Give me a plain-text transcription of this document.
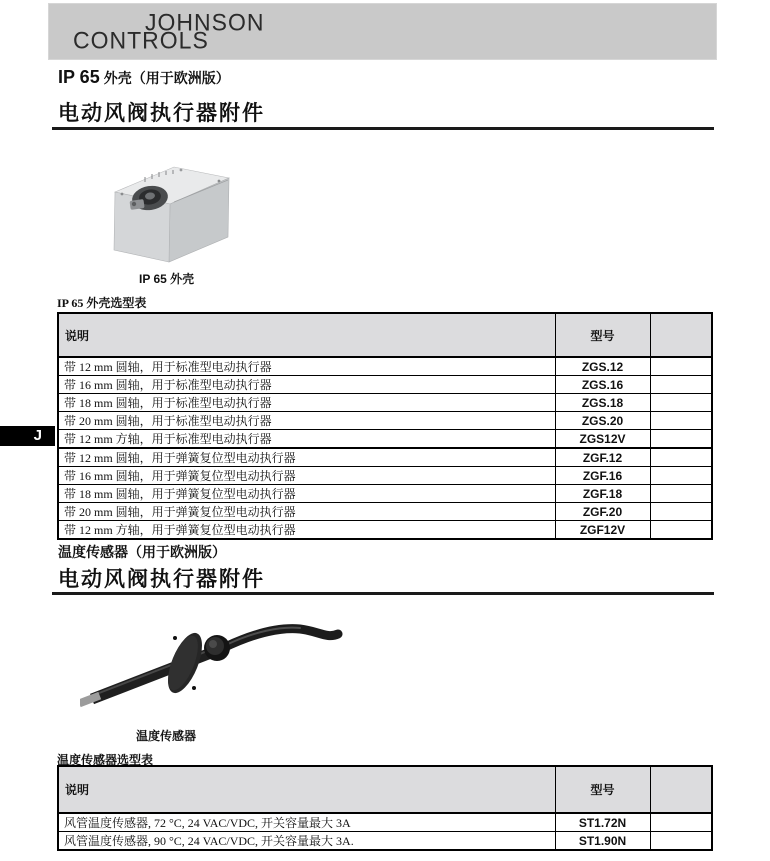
JOHNSON
CONTROLS
IP 65 外壳（用于欧洲版）
电动风阀执行器附件
IP 65 外壳
IP 65 外壳选型表
说明	型号	
带 12 mm 圆轴，用于标准型电动执行器	ZGS.12	
带 16 mm 圆轴，用于标准型电动执行器	ZGS.16	
带 18 mm 圆轴，用于标准型电动执行器	ZGS.18	
带 20 mm 圆轴，用于标准型电动执行器	ZGS.20	
带 12 mm 方轴，用于标准型电动执行器	ZGS12V	
带 12 mm 圆轴，用于弹簧复位型电动执行器	ZGF.12	
带 16 mm 圆轴，用于弹簧复位型电动执行器	ZGF.16	
带 18 mm 圆轴，用于弹簧复位型电动执行器	ZGF.18	
带 20 mm 圆轴，用于弹簧复位型电动执行器	ZGF.20	
带 12 mm 方轴，用于弹簧复位型电动执行器	ZGF12V	
J
温度传感器（用于欧洲版）
电动风阀执行器附件
温度传感器
温度传感器选型表
说明	型号	
风管温度传感器, 72 °C, 24 VAC/VDC, 开关容量最大 3A	ST1.72N	
风管温度传感器, 90 °C, 24 VAC/VDC, 开关容量最大 3A.	ST1.90N	
